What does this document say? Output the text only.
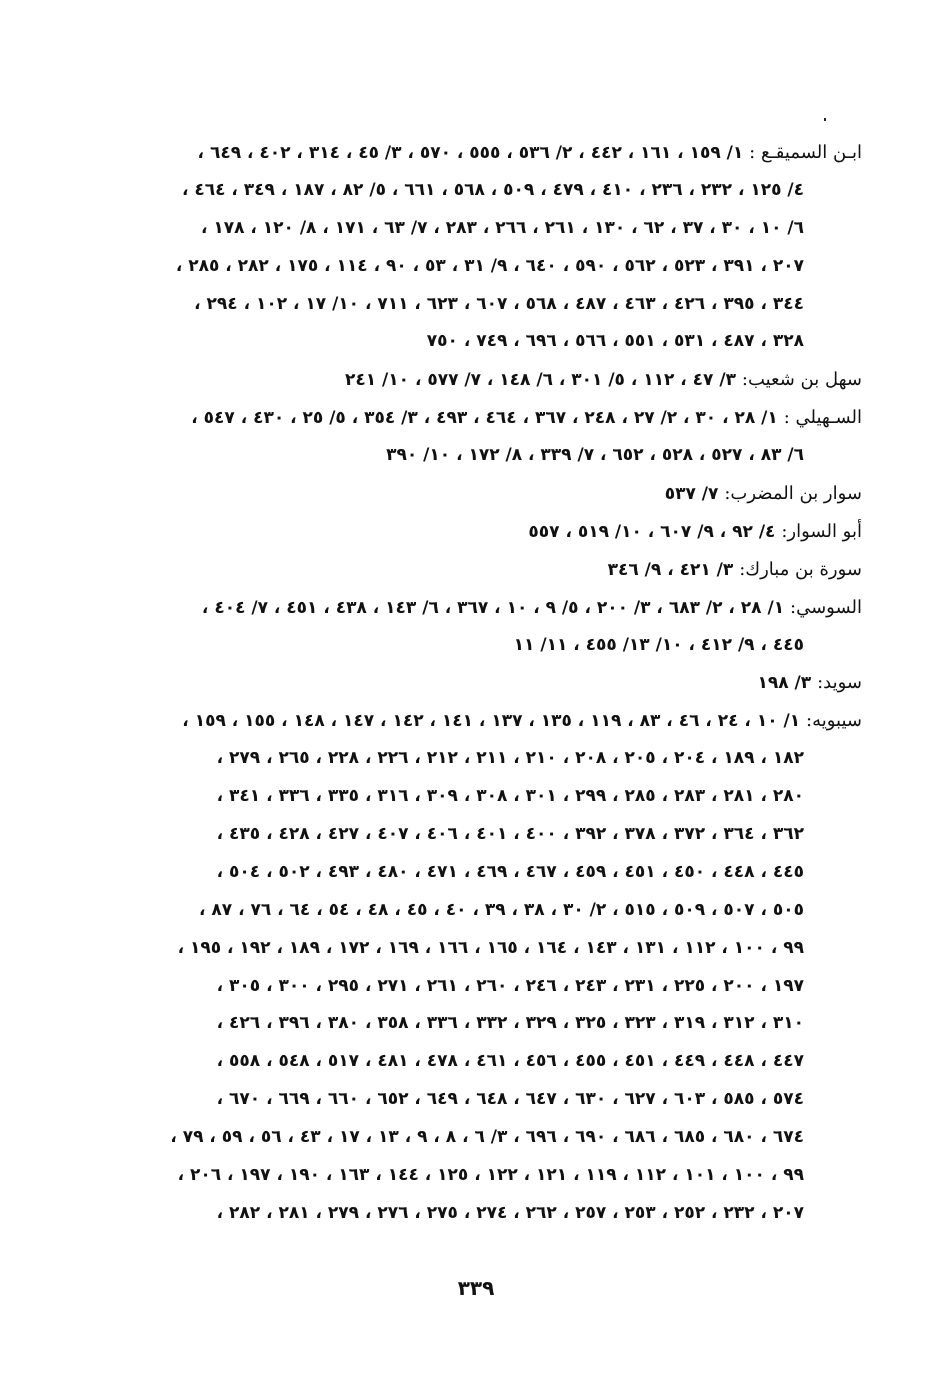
ابـن السميقـع : ١/ ١٥٩ ، ١٦١ ، ٤٤٢ ، ٢/ ٥٣٦ ، ٥٥٥ ، ٥٧٠ ، ٣/ ٤٥ ، ٣١٤ ، ٤٠٢ ، ٦٤٩ ،
٤/ ١٢٥ ، ٢٣٢ ، ٢٣٦ ، ٤١٠ ، ٤٧٩ ، ٥٠٩ ، ٥٦٨ ، ٦٦١ ، ٥/ ٨٢ ، ١٨٧ ، ٣٤٩ ، ٤٦٤ ،
٦/ ١٠ ، ٣٠ ، ٣٧ ، ٦٢ ، ١٣٠ ، ٢٦١ ، ٢٦٦ ، ٢٨٣ ، ٧/ ٦٣ ، ١٧١ ، ٨/ ١٢٠ ، ١٧٨ ،
٢٠٧ ، ٣٩١ ، ٥٢٣ ، ٥٦٢ ، ٥٩٠ ، ٦٤٠ ، ٩/ ٣١ ، ٥٣ ، ٩٠ ، ١١٤ ، ١٧٥ ، ٢٨٢ ، ٢٨٥ ،
٣٤٤ ، ٣٩٥ ، ٤٢٦ ، ٤٦٣ ، ٤٨٧ ، ٥٦٨ ، ٦٠٧ ، ٦٢٣ ، ٧١١ ، ١٠/ ١٧ ، ١٠٢ ، ٢٩٤ ،
٣٢٨ ، ٤٨٧ ، ٥٣١ ، ٥٥١ ، ٥٦٦ ، ٦٩٦ ، ٧٤٩ ، ٧٥٠
سهل بن شعيب: ٣/ ٤٧ ، ١١٢ ، ٥/ ٣٠١ ، ٦/ ١٤٨ ، ٧/ ٥٧٧ ، ١٠/ ٢٤١
السـهيلي : ١/ ٢٨ ، ٣٠ ، ٢/ ٢٧ ، ٢٤٨ ، ٣٦٧ ، ٤٦٤ ، ٤٩٣ ، ٣/ ٣٥٤ ، ٥/ ٢٥ ، ٤٣٠ ، ٥٤٧ ،
٦/ ٨٣ ، ٥٢٧ ، ٥٢٨ ، ٦٥٢ ، ٧/ ٣٣٩ ، ٨/ ١٧٢ ، ١٠/ ٣٩٠
سوار بن المضرب: ٧/ ٥٣٧
أبو السوار: ٤/ ٩٢ ، ٩/ ٦٠٧ ، ١٠/ ٥١٩ ، ٥٥٧
سورة بن مبارك: ٣/ ٤٢١ ، ٩/ ٣٤٦
السوسي: ١/ ٢٨ ، ٢/ ٦٨٣ ، ٣/ ٢٠٠ ، ٥/ ٩ ، ١٠ ، ٣٦٧ ، ٦/ ١٤٣ ، ٤٣٨ ، ٤٥١ ، ٧/ ٤٠٤ ،
٤٤٥ ، ٩/ ٤١٢ ، ١٠/ ١٣/ ٤٥٥ ، ١١/ ١١
سويد: ٣/ ١٩٨
سيبويه: ١/ ١٠ ، ٢٤ ، ٤٦ ، ٨٣ ، ١١٩ ، ١٣٥ ، ١٣٧ ، ١٤١ ، ١٤٢ ، ١٤٧ ، ١٤٨ ، ١٥٥ ، ١٥٩ ،
١٨٢ ، ١٨٩ ، ٢٠٤ ، ٢٠٥ ، ٢٠٨ ، ٢١٠ ، ٢١١ ، ٢١٢ ، ٢٢٦ ، ٢٢٨ ، ٢٦٥ ، ٢٧٩ ،
٢٨٠ ، ٢٨١ ، ٢٨٣ ، ٢٨٥ ، ٢٩٩ ، ٣٠١ ، ٣٠٨ ، ٣٠٩ ، ٣١٦ ، ٣٣٥ ، ٣٣٦ ، ٣٤١ ،
٣٦٢ ، ٣٦٤ ، ٣٧٢ ، ٣٧٨ ، ٣٩٢ ، ٤٠٠ ، ٤٠١ ، ٤٠٦ ، ٤٠٧ ، ٤٢٧ ، ٤٢٨ ، ٤٣٥ ،
٤٤٥ ، ٤٤٨ ، ٤٥٠ ، ٤٥١ ، ٤٥٩ ، ٤٦٧ ، ٤٦٩ ، ٤٧١ ، ٤٨٠ ، ٤٩٣ ، ٥٠٢ ، ٥٠٤ ،
٥٠٥ ، ٥٠٧ ، ٥٠٩ ، ٥١٥ ، ٢/ ٣٠ ، ٣٨ ، ٣٩ ، ٤٠ ، ٤٥ ، ٤٨ ، ٥٤ ، ٦٤ ، ٧٦ ، ٨٧ ،
٩٩ ، ١٠٠ ، ١١٢ ، ١٣١ ، ١٤٣ ، ١٦٤ ، ١٦٥ ، ١٦٦ ، ١٦٩ ، ١٧٢ ، ١٨٩ ، ١٩٢ ، ١٩٥ ،
١٩٧ ، ٢٠٠ ، ٢٢٥ ، ٢٣١ ، ٢٤٣ ، ٢٤٦ ، ٢٦٠ ، ٢٦١ ، ٢٧١ ، ٢٩٥ ، ٣٠٠ ، ٣٠٥ ،
٣١٠ ، ٣١٢ ، ٣١٩ ، ٣٢٣ ، ٣٢٥ ، ٣٢٩ ، ٣٣٢ ، ٣٣٦ ، ٣٥٨ ، ٣٨٠ ، ٣٩٦ ، ٤٢٦ ،
٤٤٧ ، ٤٤٨ ، ٤٤٩ ، ٤٥١ ، ٤٥٥ ، ٤٥٦ ، ٤٦١ ، ٤٧٨ ، ٤٨١ ، ٥١٧ ، ٥٤٨ ، ٥٥٨ ،
٥٧٤ ، ٥٨٥ ، ٦٠٣ ، ٦٢٧ ، ٦٣٠ ، ٦٤٧ ، ٦٤٨ ، ٦٤٩ ، ٦٥٢ ، ٦٦٠ ، ٦٦٩ ، ٦٧٠ ،
٦٧٤ ، ٦٨٠ ، ٦٨٥ ، ٦٨٦ ، ٦٩٠ ، ٦٩٦ ، ٣/ ٦ ، ٨ ، ٩ ، ١٣ ، ١٧ ، ٤٣ ، ٥٦ ، ٥٩ ، ٧٩ ،
٩٩ ، ١٠٠ ، ١٠١ ، ١١٢ ، ١١٩ ، ١٢١ ، ١٢٢ ، ١٢٥ ، ١٤٤ ، ١٦٣ ، ١٩٠ ، ١٩٧ ، ٢٠٦ ،
٢٠٧ ، ٢٣٢ ، ٢٥٢ ، ٢٥٣ ، ٢٥٧ ، ٢٦٢ ، ٢٧٤ ، ٢٧٥ ، ٢٧٦ ، ٢٧٩ ، ٢٨١ ، ٢٨٢ ،
٣٣٩
